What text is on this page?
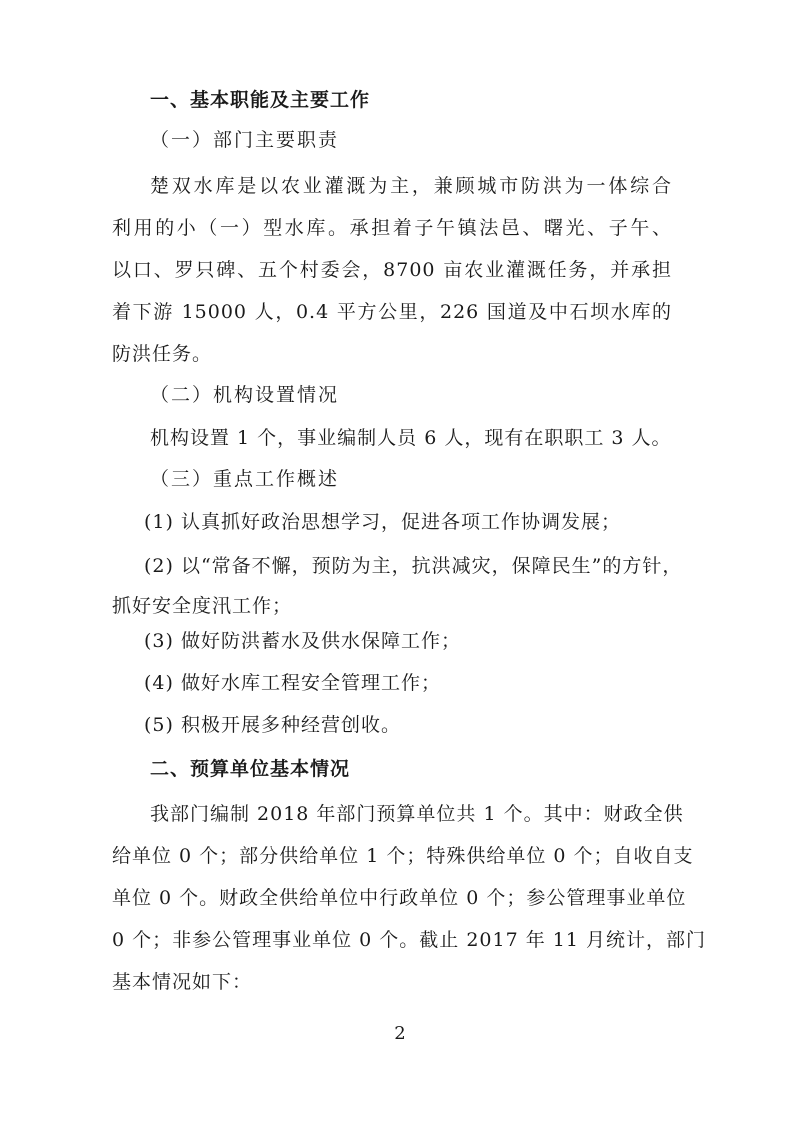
一、基本职能及主要工作

（一）部门主要职责

楚双水库是以农业灌溉为主，兼顾城市防洪为一体综合

利用的小（一）型水库。承担着子午镇法邑、曙光、子午、

以口、罗只碑、五个村委会，8700 亩农业灌溉任务，并承担

着下游 15000 人，0.4 平方公里，226 国道及中石坝水库的

防洪任务。

（二）机构设置情况

机构设置 1 个，事业编制人员 6 人，现有在职职工 3 人。

（三）重点工作概述

(1) 认真抓好政治思想学习，促进各项工作协调发展；

(2) 以“常备不懈，预防为主，抗洪减灾，保障民生”的方针，

抓好安全度汛工作；

(3) 做好防洪蓄水及供水保障工作；

(4) 做好水库工程安全管理工作；

(5) 积极开展多种经营创收。

二、预算单位基本情况

我部门编制 2018 年部门预算单位共 1 个。其中：财政全供

给单位 0 个；部分供给单位 1 个；特殊供给单位 0 个；自收自支

单位 0 个。财政全供给单位中行政单位 0 个；参公管理事业单位

0 个；非参公管理事业单位 0 个。截止 2017 年 11 月统计，部门

基本情况如下：

2
